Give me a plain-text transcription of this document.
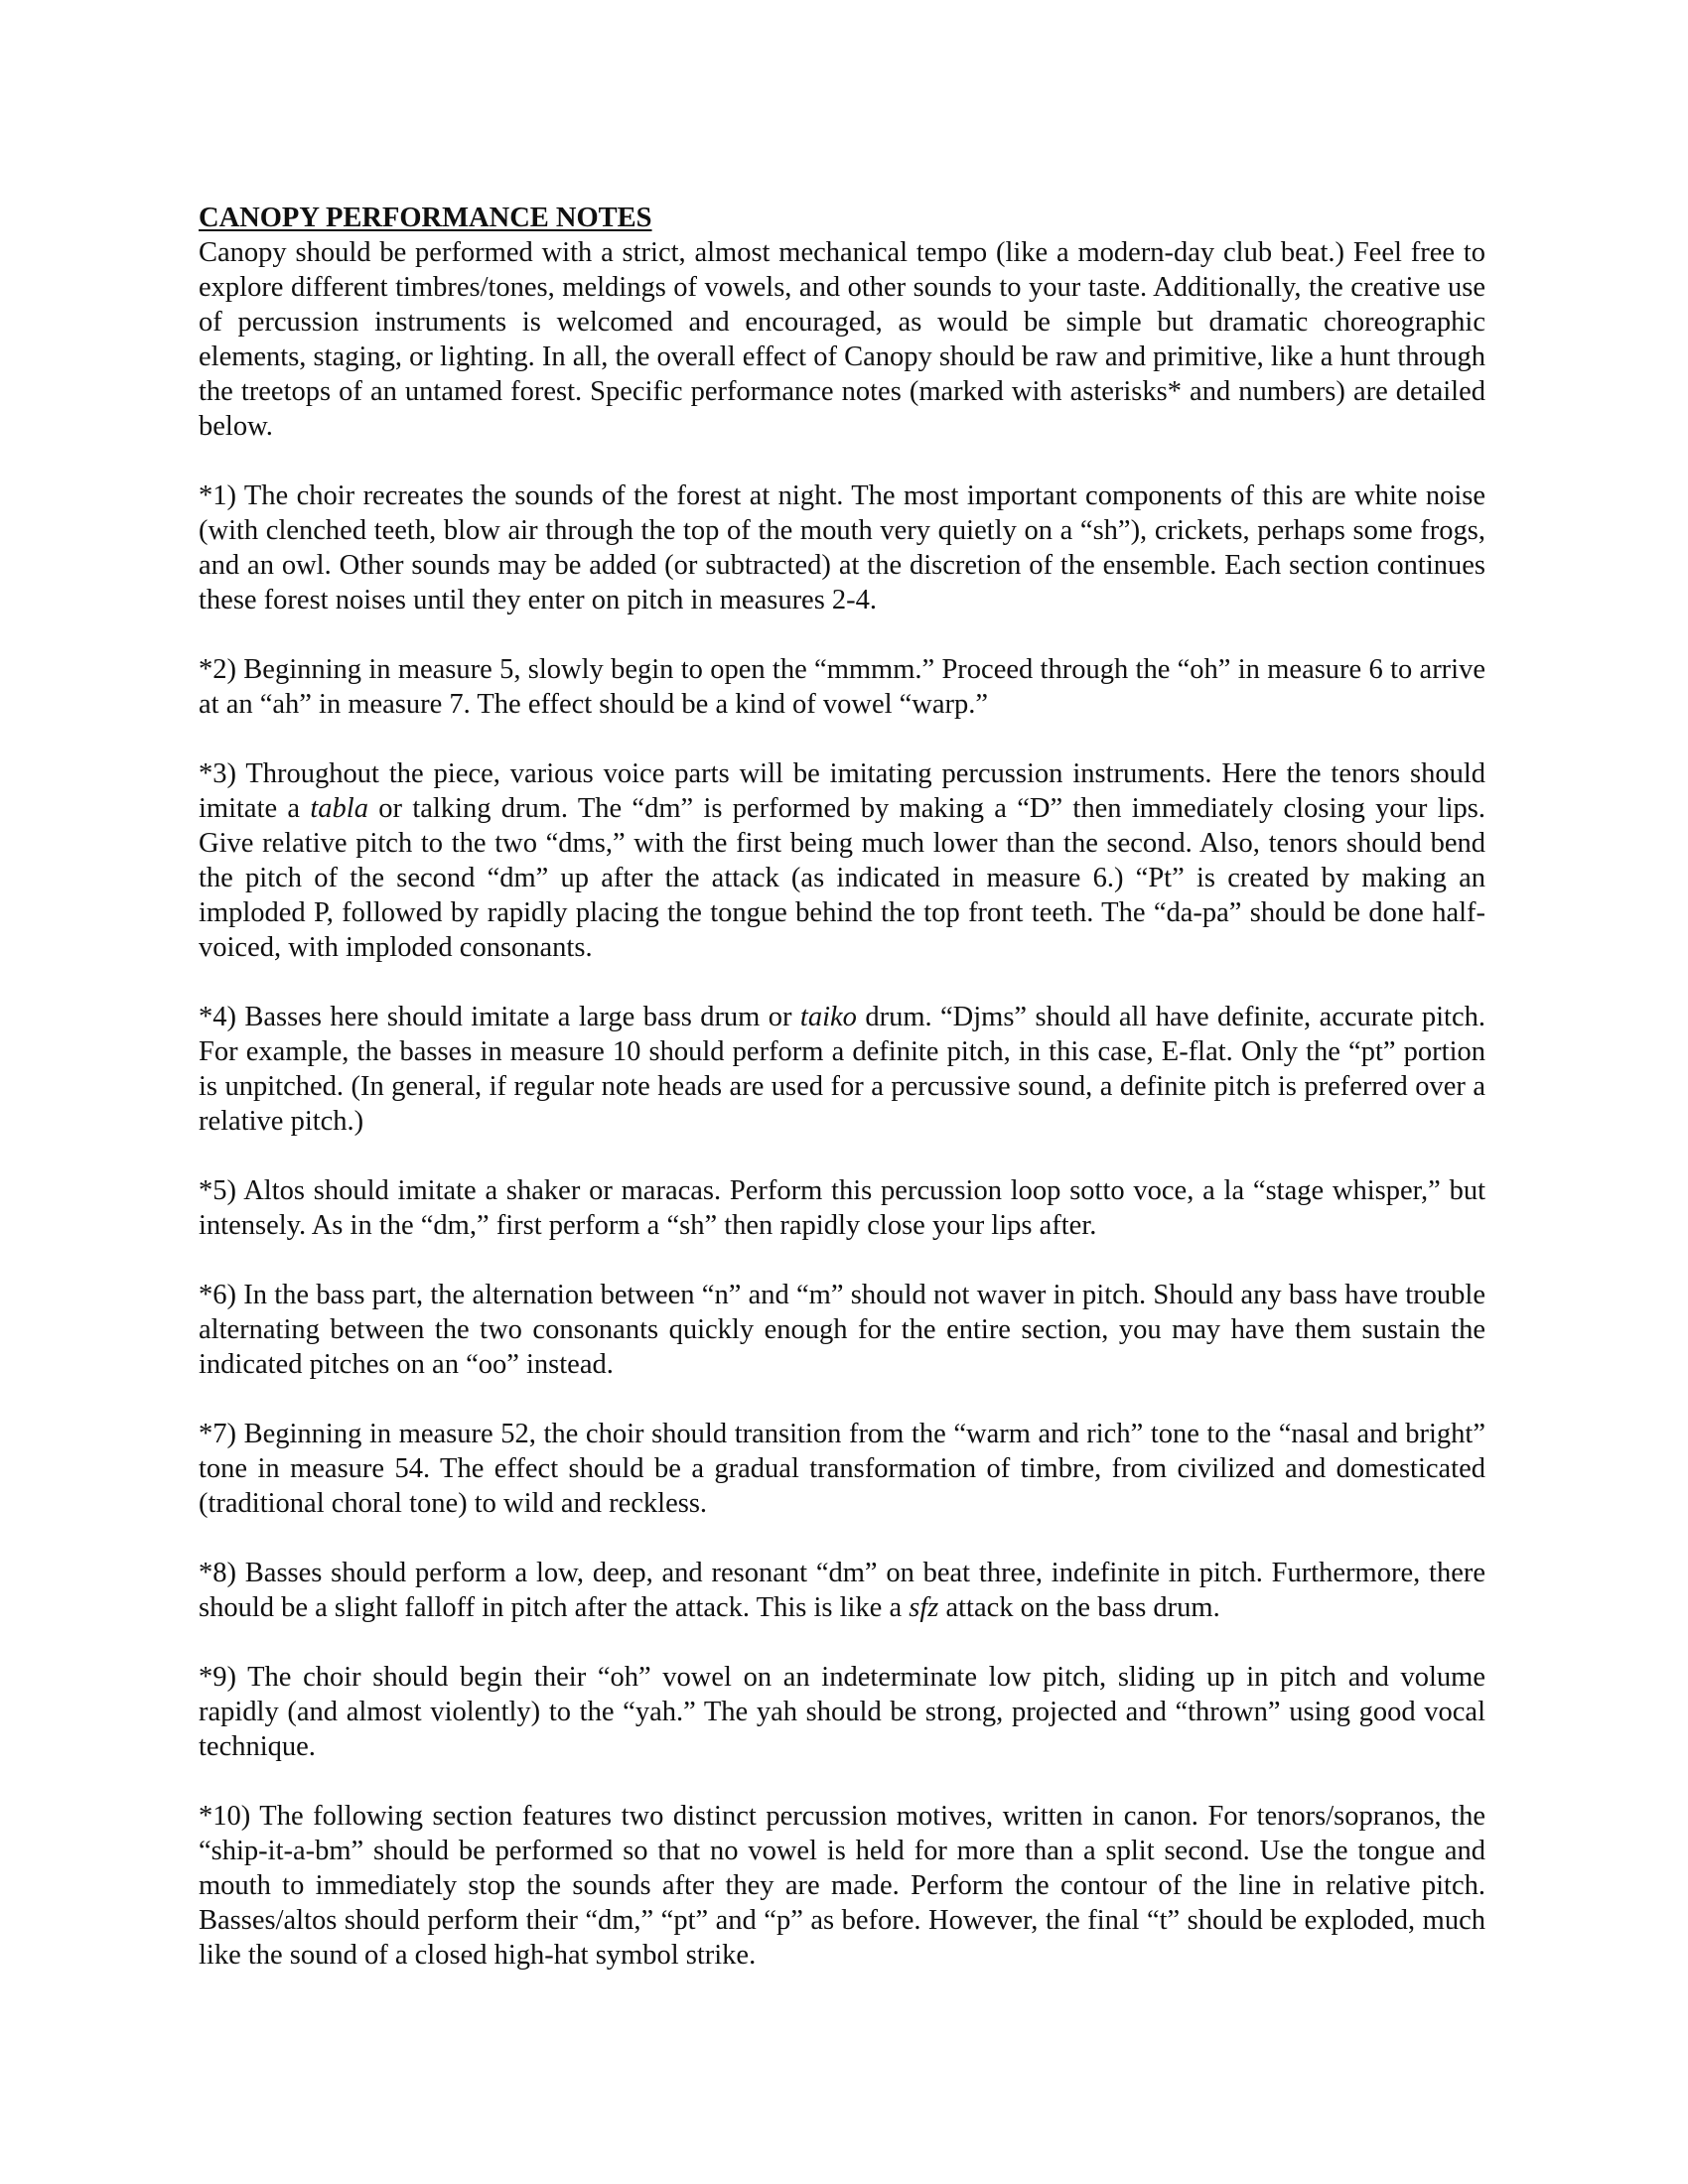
CANOPY PERFORMANCE NOTES

Canopy should be performed with a strict, almost mechanical tempo (like a modern-day club beat.) Feel free to explore different timbres/tones, meldings of vowels, and other sounds to your taste. Additionally, the creative use of percussion instruments is welcomed and encouraged, as would be simple but dramatic choreographic elements, staging, or lighting. In all, the overall effect of Canopy should be raw and primitive, like a hunt through the treetops of an untamed forest. Specific performance notes (marked with asterisks* and numbers) are detailed below.

*1) The choir recreates the sounds of the forest at night. The most important components of this are white noise (with clenched teeth, blow air through the top of the mouth very quietly on a “sh”), crickets, perhaps some frogs, and an owl. Other sounds may be added (or subtracted) at the discretion of the ensemble. Each section continues these forest noises until they enter on pitch in measures 2-4.

*2) Beginning in measure 5, slowly begin to open the “mmmm.” Proceed through the “oh” in measure 6 to arrive at an “ah” in measure 7. The effect should be a kind of vowel “warp.”

*3) Throughout the piece, various voice parts will be imitating percussion instruments. Here the tenors should imitate a tabla or talking drum. The “dm” is performed by making a “D” then immediately closing your lips. Give relative pitch to the two “dms,” with the first being much lower than the second. Also, tenors should bend the pitch of the second “dm” up after the attack (as indicated in measure 6.) “Pt” is created by making an imploded P, followed by rapidly placing the tongue behind the top front teeth. The “da-pa” should be done half-voiced, with imploded consonants.

*4) Basses here should imitate a large bass drum or taiko drum. “Djms” should all have definite, accurate pitch. For example, the basses in measure 10 should perform a definite pitch, in this case, E-flat. Only the “pt” portion is unpitched. (In general, if regular note heads are used for a percussive sound, a definite pitch is preferred over a relative pitch.)

*5) Altos should imitate a shaker or maracas. Perform this percussion loop sotto voce, a la “stage whisper,” but intensely. As in the “dm,” first perform a “sh” then rapidly close your lips after.

*6) In the bass part, the alternation between “n” and “m” should not waver in pitch. Should any bass have trouble alternating between the two consonants quickly enough for the entire section, you may have them sustain the indicated pitches on an “oo” instead.

*7) Beginning in measure 52, the choir should transition from the “warm and rich” tone to the “nasal and bright” tone in measure 54. The effect should be a gradual transformation of timbre, from civilized and domesticated (traditional choral tone) to wild and reckless.

*8) Basses should perform a low, deep, and resonant “dm” on beat three, indefinite in pitch. Furthermore, there should be a slight falloff in pitch after the attack. This is like a sfz attack on the bass drum.

*9) The choir should begin their “oh” vowel on an indeterminate low pitch, sliding up in pitch and volume rapidly (and almost violently) to the “yah.” The yah should be strong, projected and “thrown” using good vocal technique.

*10) The following section features two distinct percussion motives, written in canon. For tenors/sopranos, the “ship-it-a-bm” should be performed so that no vowel is held for more than a split second. Use the tongue and mouth to immediately stop the sounds after they are made. Perform the contour of the line in relative pitch. Basses/altos should perform their “dm,” “pt” and “p” as before. However, the final “t” should be exploded, much like the sound of a closed high-hat symbol strike.
